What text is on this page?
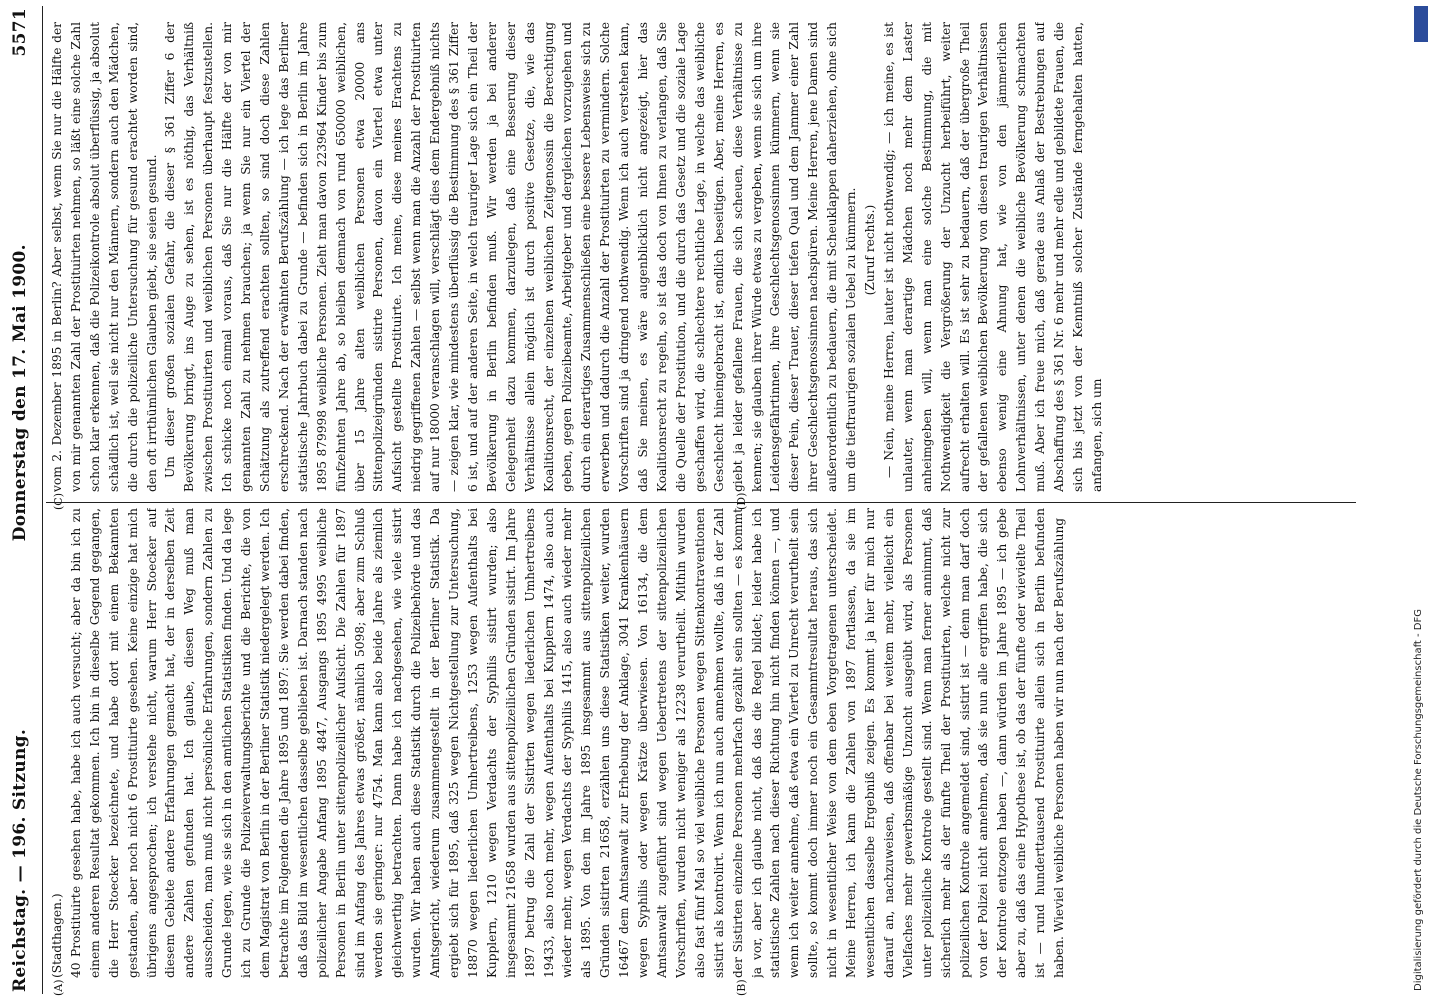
Reichstag. — 196. Sitzung.
Donnerstag den 17. Mai 1900.
5571
(A)	(B)
(C)	(D)

(Stadthagen.) 40 Prostituirte gesehen habe, habe ich auch versucht; aber da bin ich zu einem anderen Resultat gekommen. Ich bin in dieselbe Gegend gegangen, die Herr Stoecker bezeichnete, und habe dort mit einem Bekannten gestanden, aber noch nicht 6 Prostituirte gesehen. Keine einzige hat mich übrigens angesprochen; ich verstehe nicht, warum Herr Stoecker auf diesem Gebiete andere Erfahrungen gemacht hat, der in derselben Zeit andere Zahlen gefunden hat. Ich glaube, diesen Weg muß man ausscheiden, man muß nicht persönliche Erfahrungen, sondern Zahlen zu Grunde legen, wie sie sich in den amtlichen Statistiken finden. Und da lege ich zu Grunde die Polizeiverwaltungsberichte und die Berichte, die von dem Magistrat von Berlin in der Berliner Statistik niedergelegt werden. Ich betrachte im Folgenden die Jahre 1895 und 1897: Sie werden dabei finden, daß das Bild im wesentlichen dasselbe geblieben ist. Darnach standen nach polizeilicher Angabe Anfang 1895 4847, Ausgangs 1895 4995 weibliche Personen in Berlin unter sittenpolizeilicher Aufsicht. Die Zahlen für 1897 sind im Anfang des Jahres etwas größer, nämlich 5098; aber zum Schluß werden sie geringer: nur 4754. Man kann also beide Jahre als ziemlich gleichwerthig betrachten. Dann habe ich nachgesehen, wie viele sistirt wurden. Wir haben auch diese Statistik durch die Polizeibehörde und das Amtsgericht, wiederum zusammengestellt in der Berliner Statistik. Da ergiebt sich für 1895, daß 325 wegen Nichtgestellung zur Untersuchung, 18870 wegen liederlichen Umhertreibens, 1253 wegen Aufenthalts bei Kupplern, 1210 wegen Verdachts der Syphilis sistirt wurden; also insgesammt 21658 wurden aus sittenpolizeilichen Gründen sistirt. Im Jahre 1897 betrug die Zahl der Sistirten wegen liederlichen Umhertreibens 19433, also noch mehr, wegen Aufenthalts bei Kupplern 1474, also auch wieder mehr, wegen Verdachts der Syphilis 1415, also auch wieder mehr als 1895. Von den im Jahre 1895 insgesammt aus sittenpolizeilichen Gründen sistirten 21658, erzählen uns diese Statistiken weiter, wurden 16467 dem Amtsanwalt zur Erhebung der Anklage, 3041 Krankenhäusern wegen Syphilis oder wegen Krätze überwiesen. Von 16134, die dem Amtsanwalt zugeführt sind wegen Uebertretens der sittenpolizeilichen Vorschriften, wurden nicht weniger als 12238 verurtheilt. Mithin wurden also fast fünf Mal so viel weibliche Personen wegen Sittenkontraventionen sistirt als kontrolirt. Wenn ich nun auch annehmen wollte, daß in der Zahl der Sistirten einzelne Personen mehrfach gezählt sein sollten — es kommt ja vor, aber ich glaube nicht, daß das die Regel bildet; leider habe ich statistische Zahlen nach dieser Richtung hin nicht finden können —, und wenn ich weiter annehme, daß etwa ein Viertel zu Unrecht verurtheilt sein sollte, so kommt doch immer noch ein Gesammtresultat heraus, das sich nicht in wesentlicher Weise von dem eben Vorgetragenen unterscheidet. Meine Herren, ich kann die Zahlen von 1897 fortlassen, da sie im wesentlichen dasselbe Ergebniß zeigen. Es kommt ja hier für mich nur darauf an, nachzuweisen, daß offenbar bei weitem mehr, vielleicht ein Vielfaches mehr gewerbsmäßige Unzucht ausgeübt wird, als Personen unter polizeiliche Kontrole gestellt sind. Wenn man ferner annimmt, daß sicherlich mehr als der fünfte Theil der Prostituirten, welche nicht zur polizeilichen Kontrole angemeldet sind, sistirt ist — denn man darf doch von der Polizei nicht annehmen, daß sie nun alle ergriffen habe, die sich der Kontrole entzogen haben —, dann würden im Jahre 1895 — ich gebe aber zu, daß das eine Hypothese ist, ob das der fünfte oder wievielte Theil ist — rund hunderttausend Prostituirte allein sich in Berlin befunden haben. Wieviel weibliche Personen haben wir nun nach der Berufszählung

vom 2. Dezember 1895 in Berlin? Aber selbst, wenn Sie nur die Hälfte der von mir genannten Zahl der Prostituirten nehmen, so läßt eine solche Zahl schon klar erkennen, daß die Polizeikontrole absolut überflüssig, ja absolut schädlich ist, weil sie nicht nur den Männern, sondern auch den Mädchen, die durch die polizeiliche Untersuchung für gesund erachtet worden sind, den oft irrthümlichen Glauben giebt, sie seien gesund. Um dieser großen sozialen Gefahr, die dieser § 361 Ziffer 6 der Bevölkerung bringt, ins Auge zu sehen, ist es nöthig, das Verhältniß zwischen Prostituirten und weiblichen Personen überhaupt festzustellen. Ich schicke noch einmal voraus, daß Sie nur die Hälfte der von mir genannten Zahl zu nehmen brauchen; ja wenn Sie nur ein Viertel der Schätzung als zutreffend erachten sollten, so sind doch diese Zahlen erschreckend. Nach der erwähnten Berufszählung — ich lege das Berliner statistische Jahrbuch dabei zu Grunde — befinden sich in Berlin im Jahre 1895 879998 weibliche Personen. Zieht man davon 223964 Kinder bis zum fünfzehnten Jahre ab, so bleiben demnach von rund 650000 weiblichen, über 15 Jahre alten weiblichen Personen etwa 20000 ans Sittenpolizeigründen sistirte Personen, davon ein Viertel etwa unter Aufsicht gestellte Prostituirte. Ich meine, diese meines Erachtens zu niedrig gegriffenen Zahlen — selbst wenn man die Anzahl der Prostituirten auf nur 18000 veranschlagen will, verschlägt dies dem Endergebniß nichts — zeigen klar, wie mindestens überflüssig die Bestimmung des § 361 Ziffer 6 ist, und auf der anderen Seite, in welch trauriger Lage sich ein Theil der Bevölkerung in Berlin befinden muß. Wir werden ja bei anderer Gelegenheit dazu kommen, darzulegen, daß eine Besserung dieser Verhältnisse allein möglich ist durch positive Gesetze, die, wie das Koalitionsrecht, der einzelnen weiblichen Zeitgenossin die Berechtigung geben, gegen Polizeibeamte, Arbeitgeber und dergleichen vorzugehen und durch ein derartiges Zusammenschließen eine bessere Lebensweise sich zu erwerben und dadurch die Anzahl der Prostituirten zu vermindern. Solche Vorschriften sind ja dringend nothwendig. Wenn ich auch verstehen kann, daß Sie meinen, es wäre augenblicklich nicht angezeigt, hier das Koalitionsrecht zu regeln, so ist das doch von Ihnen zu verlangen, daß Sie die Quelle der Prostitution, und die durch das Gesetz und die soziale Lage geschaffen wird, die schlechtere rechtliche Lage, in welche das weibliche Geschlecht hineingebracht ist, endlich beseitigen. Aber, meine Herren, es giebt ja leider gefallene Frauen, die sich scheuen, diese Verhältnisse zu kennen; sie glauben ihrer Würde etwas zu vergeben, wenn sie sich um ihre Leidensgefährtinnen, ihre Geschlechtsgenossinnen kümmern, wenn sie dieser Pein, dieser Trauer, dieser tiefen Qual und dem Jammer einer Zahl ihrer Geschlechtsgenossinnen nachspüren. Meine Herren, jene Damen sind außerordentlich zu bedauern, die mit Scheuklappen daherziehen, ohne sich um die tieftraurigen sozialen Uebel zu kümmern. (Zuruf rechts.) — Nein, meine Herren, lauter ist nicht nothwendig; — ich meine, es ist unlauter, wenn man derartige Mädchen noch mehr dem Laster anheimgeben will, wenn man eine solche Bestimmung, die mit Nothwendigkeit die Vergrößerung der Unzucht herbeiführt, weiter aufrecht erhalten will. Es ist sehr zu bedauern, daß der übergroße Theil der gefallenen weiblichen Bevölkerung von diesen traurigen Verhältnissen ebenso wenig eine Ahnung hat, wie von den jämmerlichen Lohnverhältnissen, unter denen die weibliche Bevölkerung schmachten muß. Aber ich freue mich, daß gerade aus Anlaß der Bestrebungen auf Abschaffung des § 361 Nr. 6 mehr und mehr edle und gebildete Frauen, die sich bis jetzt von der Kenntniß solcher Zustände ferngehalten hatten, anfangen, sich um

Digitalisierung gefördert durch die Deutsche Forschungsgemeinschaft - DFG
